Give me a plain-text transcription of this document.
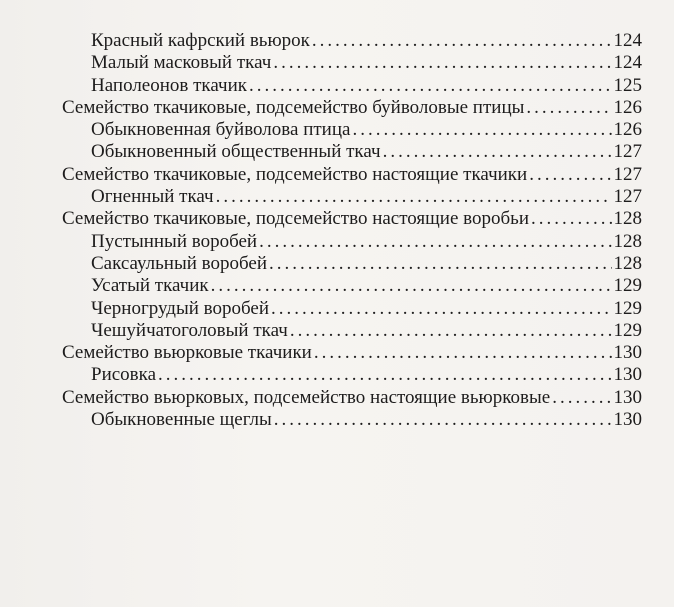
Красный кафрский вьюрок .....	124
Малый масковый ткач .....	124
Наполеонов ткачик .....	125
Семейство ткачиковые, подсемейство буйволовые птицы .....	126
Обыкновенная буйволова птица .....	126
Обыкновенный общественный ткач .....	127
Семейство ткачиковые, подсемейство настоящие ткачики .....	127
Огненный ткач .....	127
Семейство ткачиковые, подсемейство настоящие воробьи .....	128
Пустынный воробей .....	128
Саксаульный воробей .....	128
Усатый ткачик .....	129
Черногрудый воробей .....	129
Чешуйчатоголовый ткач .....	129
Семейство вьюрковые ткачики .....	130
Рисовка .....	130
Семейство вьюрковых, подсемейство настоящие вьюрковые .....	130
Обыкновенные щеглы .....	130
